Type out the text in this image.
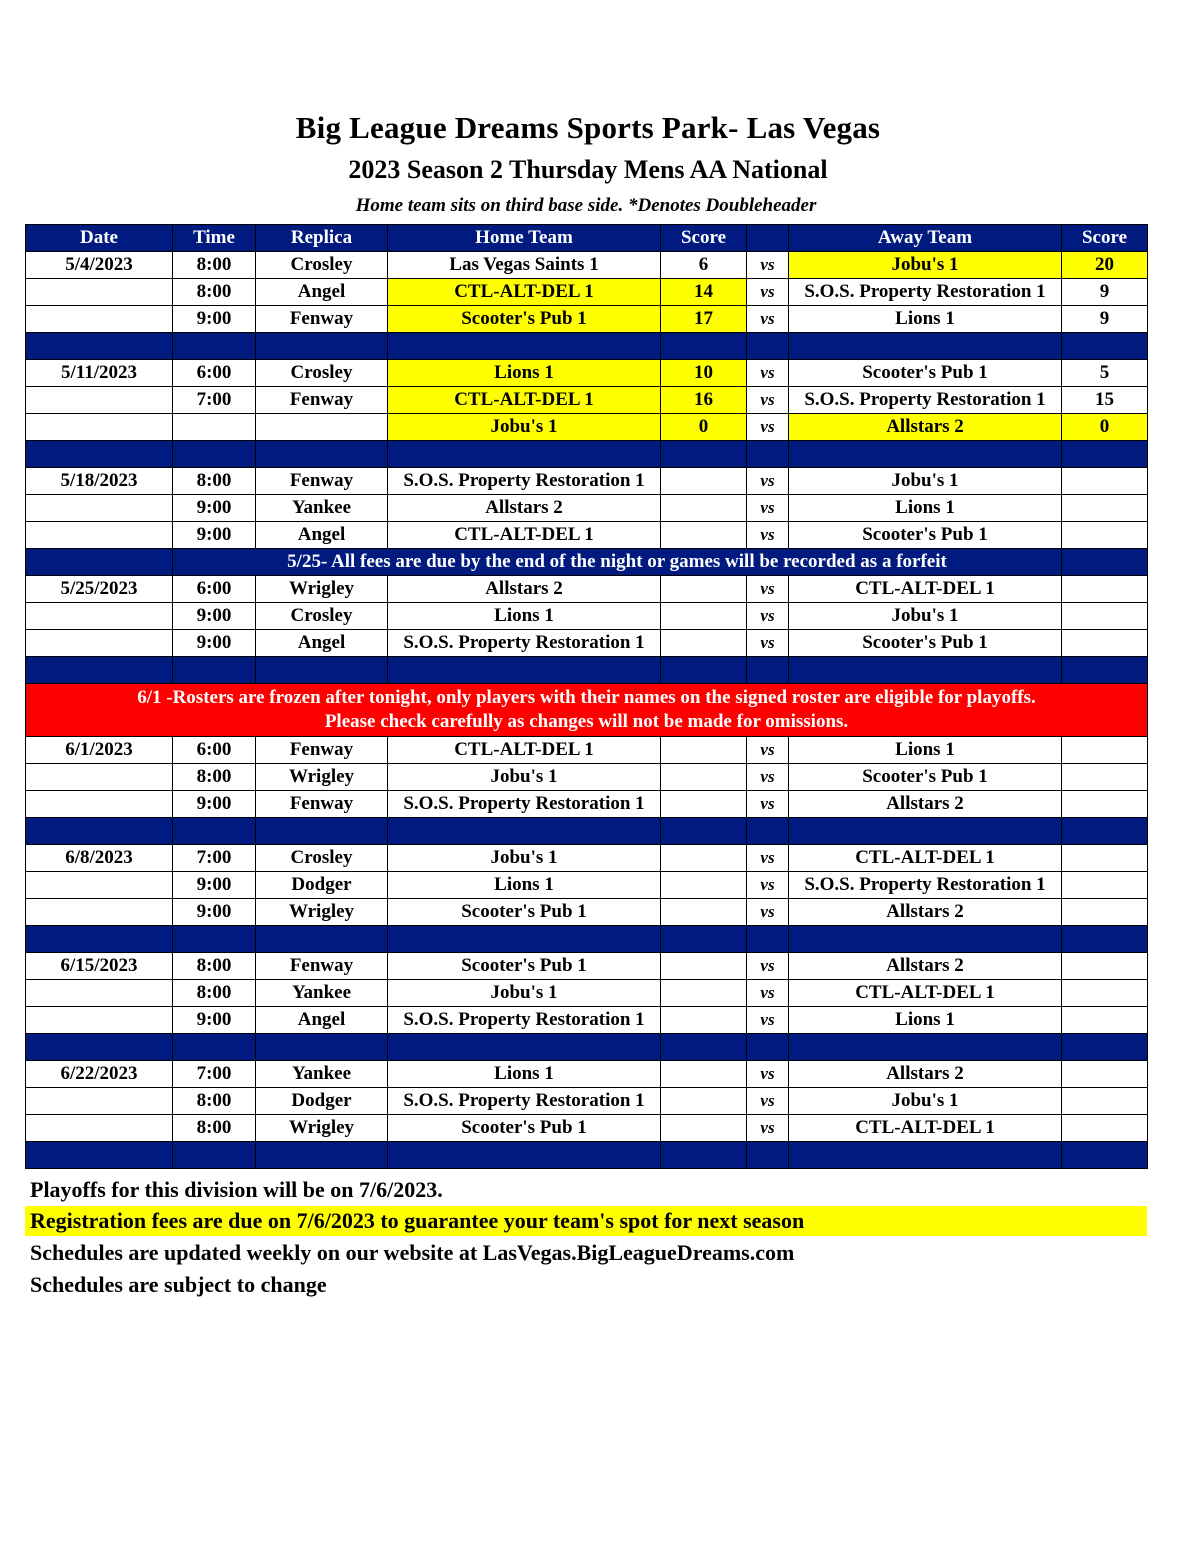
Big League Dreams Sports Park- Las Vegas
2023 Season 2 Thursday Mens AA National
Home team sits on third base side. *Denotes Doubleheader
Date	Time	Replica	Home Team	Score		Away Team	Score
5/4/2023	8:00	Crosley	Las Vegas Saints 1	6	vs	Jobu's 1	20
	8:00	Angel	CTL-ALT-DEL 1	14	vs	S.O.S. Property Restoration 1	9
	9:00	Fenway	Scooter's Pub 1	17	vs	Lions 1	9

5/11/2023	6:00	Crosley	Lions 1	10	vs	Scooter's Pub 1	5
	7:00	Fenway	CTL-ALT-DEL 1	16	vs	S.O.S. Property Restoration 1	15
			Jobu's 1	0	vs	Allstars 2	0

5/18/2023	8:00	Fenway	S.O.S. Property Restoration 1		vs	Jobu's 1	
	9:00	Yankee	Allstars 2		vs	Lions 1	
	9:00	Angel	CTL-ALT-DEL 1		vs	Scooter's Pub 1	
	5/25- All fees are due by the end of the night or games will be recorded as a forfeit						
5/25/2023	6:00	Wrigley	Allstars 2		vs	CTL-ALT-DEL 1	
	9:00	Crosley	Lions 1		vs	Jobu's 1	
	9:00	Angel	S.O.S. Property Restoration 1		vs	Scooter's Pub 1	

6/1 -Rosters are frozen after tonight, only players with their names on the signed roster are eligible for playoffs.
Please check carefully as changes will not be made for omissions.							

6/1/2023	6:00	Fenway	CTL-ALT-DEL 1		vs	Lions 1	
	8:00	Wrigley	Jobu's 1		vs	Scooter's Pub 1	
	9:00	Fenway	S.O.S. Property Restoration 1		vs	Allstars 2	

6/8/2023	7:00	Crosley	Jobu's 1		vs	CTL-ALT-DEL 1	
	9:00	Dodger	Lions 1		vs	S.O.S. Property Restoration 1	
	9:00	Wrigley	Scooter's Pub 1		vs	Allstars 2	

6/15/2023	8:00	Fenway	Scooter's Pub 1		vs	Allstars 2	
	8:00	Yankee	Jobu's 1		vs	CTL-ALT-DEL 1	
	9:00	Angel	S.O.S. Property Restoration 1		vs	Lions 1	

6/22/2023	7:00	Yankee	Lions 1		vs	Allstars 2	
	8:00	Dodger	S.O.S. Property Restoration 1		vs	Jobu's 1	
	8:00	Wrigley	Scooter's Pub 1		vs	CTL-ALT-DEL 1	

Playoffs for this division will be on 7/6/2023.
Registration fees are due on 7/6/2023 to guarantee your team's spot for next season
Schedules are updated weekly on our website at LasVegas.BigLeagueDreams.com
Schedules are subject to change
